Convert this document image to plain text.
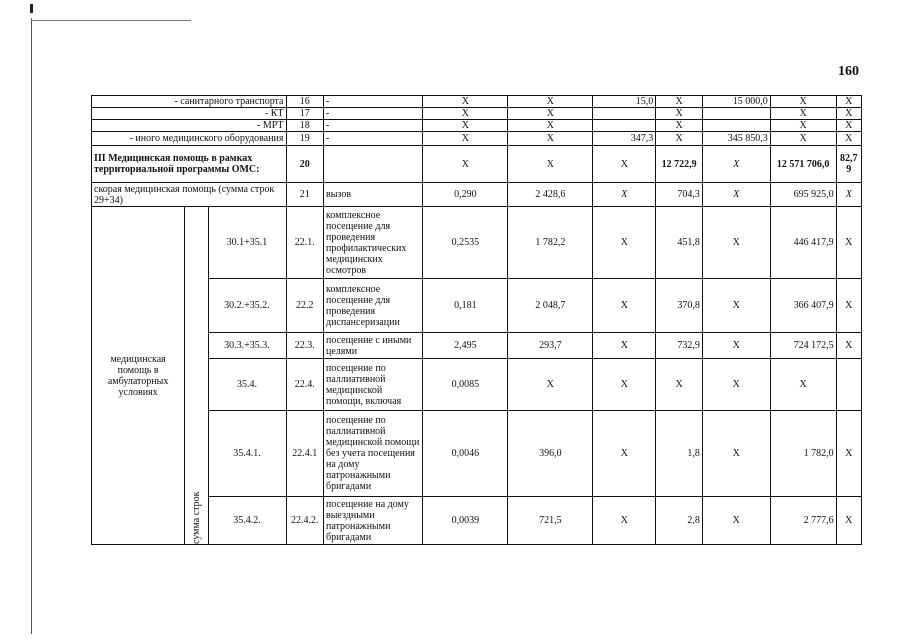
160
- санитарного транспорта			16	-	X	X	15,0	X	15 000,0	X	X
- КТ			17	-	X	X		X		X	X
- МРТ			18	-	X	X		X		X	X
- иного медицинского оборудования			19	-	X	X	347,3	X	345 850,3	X	X
III Медицинская помощь в рамках территориальной программы ОМС:			20		X	X	X	12 722,9	X	12 571 706,0	82,79
скорая медицинская помощь (сумма строк 29+34)			21	вызов	0,290	2 428,6	X	704,3	X	695 925,0	X
медицинская помощь в амбулаторных условиях	сумма строк	30.1+35.1	22.1.	комплексное посещение для проведения профилактических медицинских осмотров	0,2535	1 782,2	X	451,8	X	446 417,9	X
		30.2.+35.2.	22.2	комплексное посещение для проведения диспансеризации	0,181	2 048,7	X	370,8	X	366 407,9	X
		30.3.+35.3.	22.3.	посещение с иными целями	2,495	293,7	X	732,9	X	724 172,5	X
		35.4.	22.4.	посещение по паллиативной медицинской помощи, включая	0,0085	X	X	X	X	X	
		35.4.1.	22.4.1	посещение по паллиативной медицинской помощи без учета посещения на дому патронажными бригадами	0,0046	396,0	X	1,8	X	1 782,0	X
		35.4.2.	22.4.2.	посещение на дому выездными патронажными бригадами	0,0039	721,5	X	2,8	X	2 777,6	X
